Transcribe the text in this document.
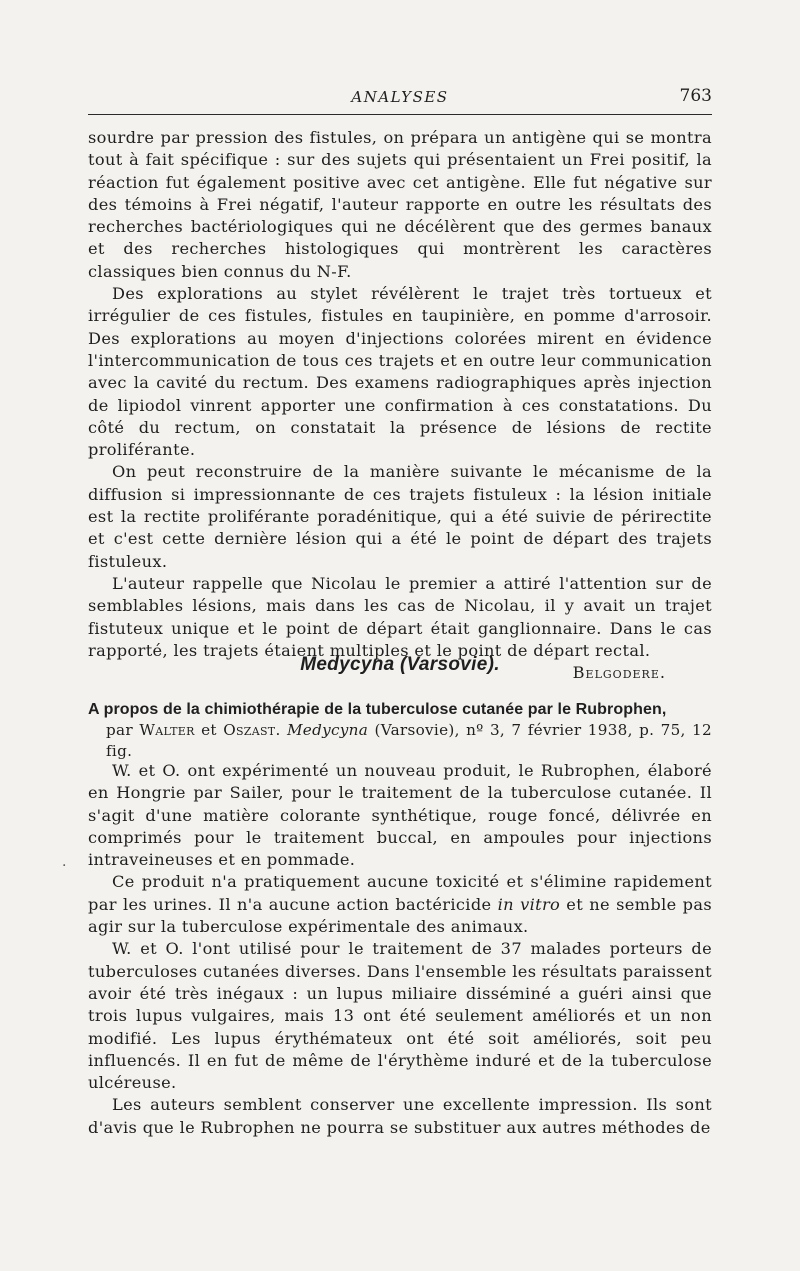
ANALYSES	763

sourdre par pression des fistules, on prépara un antigène qui se montra tout à fait spécifique : sur des sujets qui présentaient un Frei positif, la réaction fut également positive avec cet antigène. Elle fut négative sur des témoins à Frei négatif, l'auteur rapporte en outre les résultats des recherches bactériologiques qui ne décélèrent que des germes banaux et des recherches histologiques qui montrèrent les caractères classiques bien connus du N-F.

Des explorations au stylet révélèrent le trajet très tortueux et irrégulier de ces fistules, fistules en taupinière, en pomme d'arrosoir. Des explorations au moyen d'injections colorées mirent en évidence l'intercommunication de tous ces trajets et en outre leur communication avec la cavité du rectum. Des examens radiographiques après injection de lipiodol vinrent apporter une confirmation à ces constatations. Du côté du rectum, on constatait la présence de lésions de rectite proliférante.

On peut reconstruire de la manière suivante le mécanisme de la diffusion si impressionnante de ces trajets fistuleux : la lésion initiale est la rectite proliférante poradénitique, qui a été suivie de périrectite et c'est cette dernière lésion qui a été le point de départ des trajets fistuleux.

L'auteur rappelle que Nicolau le premier a attiré l'attention sur de semblables lésions, mais dans les cas de Nicolau, il y avait un trajet fistuteux unique et le point de départ était ganglionnaire. Dans le cas rapporté, les trajets étaient multiples et le point de départ rectal.

Belgodere.

Medycyna (Varsovie).
A propos de la chimiothérapie de la tuberculose cutanée par le Rubrophen,
par Walter et Oszast. Medycyna (Varsovie), nº 3, 7 février 1938, p. 75, 12 fig.

W. et O. ont expérimenté un nouveau produit, le Rubrophen, élaboré en Hongrie par Sailer, pour le traitement de la tuberculose cutanée. Il s'agit d'une matière colorante synthétique, rouge foncé, délivrée en comprimés pour le traitement buccal, en ampoules pour injections intraveineuses et en pommade.

Ce produit n'a pratiquement aucune toxicité et s'élimine rapidement par les urines. Il n'a aucune action bactéricide in vitro et ne semble pas agir sur la tuberculose expérimentale des animaux.

W. et O. l'ont utilisé pour le traitement de 37 malades porteurs de tuberculoses cutanées diverses. Dans l'ensemble les résultats paraissent avoir été très inégaux : un lupus miliaire disséminé a guéri ainsi que trois lupus vulgaires, mais 13 ont été seulement améliorés et un non modifié. Les lupus érythémateux ont été soit améliorés, soit peu influencés. Il en fut de même de l'érythème induré et de la tuberculose ulcéreuse.

Les auteurs semblent conserver une excellente impression. Ils sont d'avis que le Rubrophen ne pourra se substituer aux autres méthodes de

·
